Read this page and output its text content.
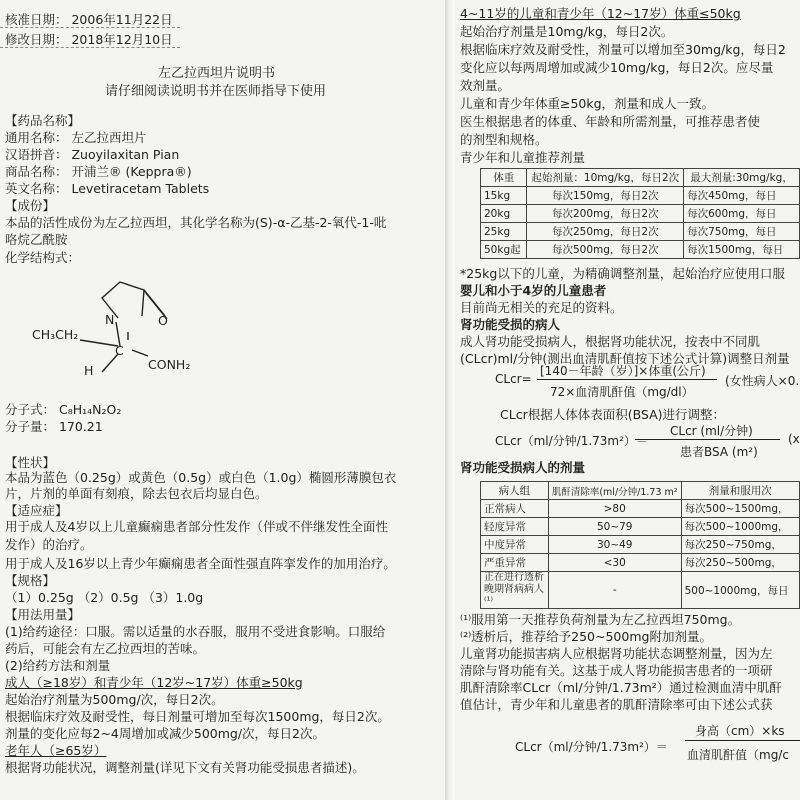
核准日期： 2006年11月22日
修改日期： 2018年12月10日
左乙拉西坦片说明书
请仔细阅读说明书并在医师指导下使用
【药品名称】
通用名称： 左乙拉西坦片
汉语拼音： Zuoyilaxitan Pian
商品名称： 开浦兰® (Keppra®)
英文名称： Levetiracetam Tablets
【成份】
本品的活性成份为左乙拉西坦，其化学名称为(S)-α-乙基-2-氧代-1-吡
咯烷乙酰胺
化学结构式：
N	O
CH₃CH₂
C
CONH₂
H
分子式： C₈H₁₄N₂O₂
分子量： 170.21
【性状】
本品为蓝色（0.25g）或黄色（0.5g）或白色（1.0g）椭圆形薄膜包衣
片，片剂的单面有刻痕，除去包衣后均显白色。
【适应症】
用于成人及4岁以上儿童癫痫患者部分性发作（伴或不伴继发性全面性
发作）的治疗。
用于成人及16岁以上青少年癫痫患者全面性强直阵挛发作的加用治疗。
【规格】
（1）0.25g （2）0.5g （3）1.0g
【用法用量】
(1)给药途径：口服。需以适量的水吞服，服用不受进食影响。口服给
药后，可能会有左乙拉西坦的苦味。
(2)给药方法和剂量
成人（≥18岁）和青少年（12岁~17岁）体重≥50kg
起始治疗剂量为500mg/次，每日2次。
根据临床疗效及耐受性，每日剂量可增加至每次1500mg，每日2次。
剂量的变化应每2~4周增加或减少500mg/次，每日2次。
老年人（≥65岁）
根据肾功能状况，调整剂量(详见下文有关肾功能受损患者描述)。
4~11岁的儿童和青少年（12~17岁）体重≤50kg
起始治疗剂量是10mg/kg，每日2次。
根据临床疗效及耐受性，剂量可以增加至30mg/kg，每日2
变化应以每两周增加或减少10mg/kg，每日2次。应尽量
效剂量。
儿童和青少年体重≥50kg，剂量和成人一致。
医生根据患者的体重、年龄和所需剂量，可推荐患者使
的剂型和规格。
青少年和儿童推荐剂量
体重	起始剂量：10mg/kg，每日2次	最大剂量:30mg/kg，
15kg	每次150mg，每日2次	每次450mg，每日
20kg	每次200mg，每日2次	每次600mg，每日
25kg	每次250mg，每日2次	每次750mg，每日
50kg起	每次500mg，每日2次	每次1500mg，每日
*25kg以下的儿童，为精确调整剂量，起始治疗应使用口服
婴儿和小于4岁的儿童患者
目前尚无相关的充足的资料。
肾功能受损的病人
成人肾功能受损病人，根据肾功能状况，按表中不同肌
(CLcr)ml/分钟(测出血清肌酐值按下述公式计算)调整日剂量
CLcr=
[140－年龄（岁）]×体重(公斤)
72×血清肌酐值（mg/dl）
(女性病人×0.
CLcr根据人体体表面积(BSA)进行调整：
CLcr（ml/分钟/1.73m²）＝
CLcr (ml/分钟)
患者BSA (m²)
(x
肾功能受损病人的剂量
病人组	肌酐清除率(ml/分钟/1.73 m²	剂量和服用次
正常病人	>80	每次500~1500mg，
轻度异常	50~79	每次500~1000mg，
中度异常	30~49	每次250~750mg，
严重异常	<30	每次250~500mg，
正在进行透析晚期肾病病人⁽¹⁾	-	500~1000mg，每日
⁽¹⁾服用第一天推荐负荷剂量为左乙拉西坦750mg。
⁽²⁾透析后，推荐给予250~500mg附加剂量。
儿童肾功能损害病人应根据肾功能状态调整剂量，因为左
清除与肾功能有关。这基于成人肾功能损害患者的一项研
肌酐清除率CLcr（ml/分钟/1.73m²）通过检测血清中肌酐
值估计，青少年和儿童患者的肌酐清除率可由下述公式获
CLcr（ml/分钟/1.73m²）＝
身高（cm）×ks
血清肌酐值（mg/c
